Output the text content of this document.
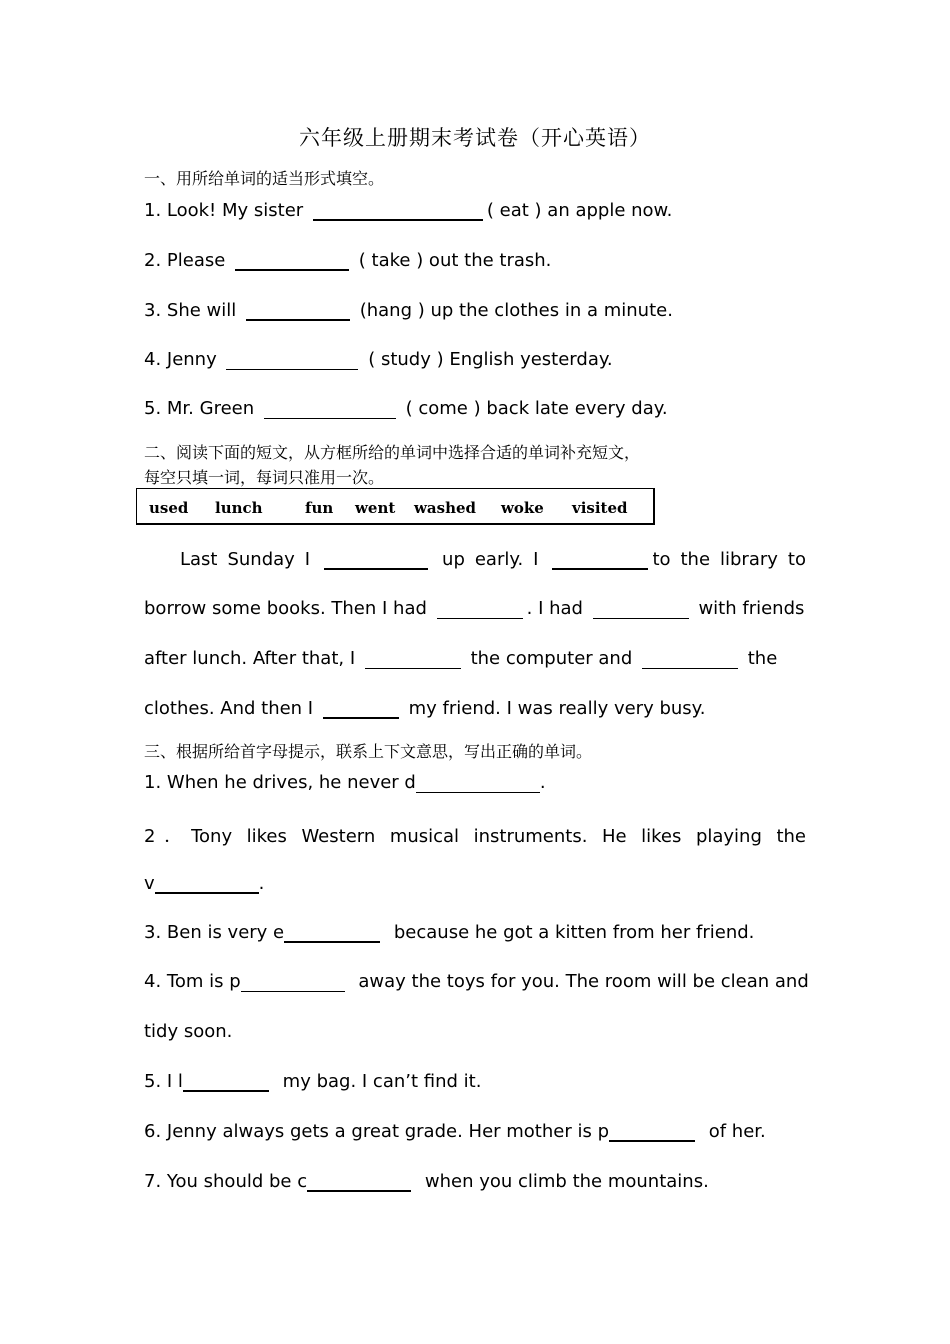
六年级上册期末考试卷（开心英语）
一、用所给单词的适当形式填空。
1. Look! My sister	( eat ) an apple now.
2. Please	( take ) out the trash.
3. She will	(hang ) up the clothes in a minute.
4. Jenny	( study ) English yesterday.
5. Mr. Green	( come ) back late every day.
二、阅读下面的短文，从方框所给的单词中选择合适的单词补充短文，
每空只填一词，每词只准用一次。
used lunch	fun went washed woke visited
Last Sunday I	up early. I	to the library to
borrow some books. Then I had	. I had	with friends
after lunch. After that, I	the computer and	the
clothes. And then I	my friend. I was really very busy.
三、根据所给首字母提示，联系上下文意思，写出正确的单词。
1. When he drives, he never d	.
2．Tony likes Western musical instruments. He likes playing the
v	.
3. Ben is very e	because he got a kitten from her friend.
4. Tom is p	away the toys for you. The room will be clean and
tidy soon.
5. I l	my bag. I can’t find it.
6. Jenny always gets a great grade. Her mother is p	of her.
7. You should be c	when you climb the mountains.
